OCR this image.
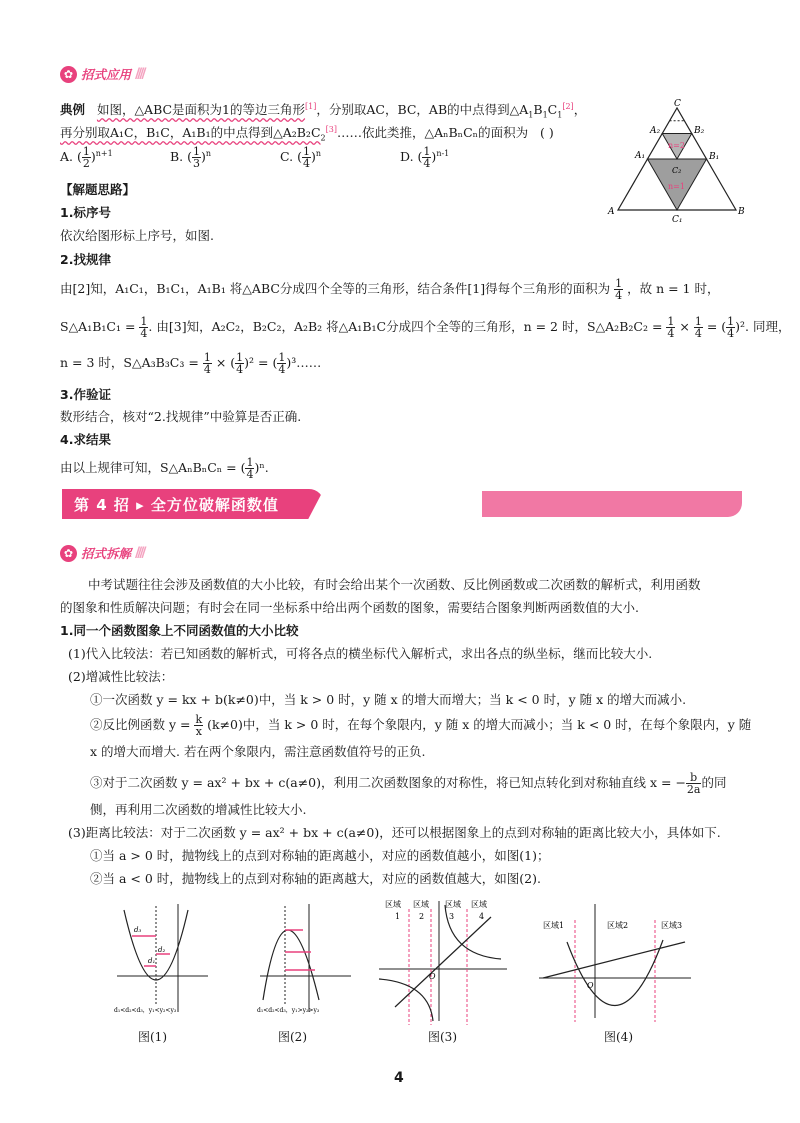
✿ 招式应用 ////
典例 如图，△ABC是面积为1的等边三角形[1]，分别取AC，BC，AB的中点得到$\triangle A_1B_1C_1[2]$，
再分别取A₁C，B₁C，A₁B₁的中点得到$\triangle A_2B_2C_2[3]\dots\dots$依此类推，△AₙBₙCₙ的面积为 ( )
A. ( $\frac{1}{2} )^{n+1}$	B. ( $\frac{1}{3} )^n$	C. ( $\frac{1}{4} )^n$	D. ( $\frac{1}{4} )^{n-1}$
C
A₂	B₂
A₁	B₁
A
C₁
B
C₂
n=2
n=1
【解题思路】
1.标序号
依次给图形标上序号，如图.
2.找规律
由[2]知，A₁C₁，B₁C₁，A₁B₁ 将△ABC分成四个全等的三角形，结合条件[1]得每个三角形的面积为 $\frac{1}{4}$ ，故 n = 1 时，
S△A₁B₁C₁ = $\frac{1}{4}$ . 由[3]知，A₂C₂，B₂C₂，A₂B₂ 将△A₁B₁C分成四个全等的三角形，n = 2 时，S△A₂B₂C₂ = $\frac{1}{4} \times \frac{1}{4}$ = ( $\frac{1}{4} )^2$. 同理，
n = 3 时，S△A₃B₃C₃ = $\frac{1}{4}$ × ( $\frac{1}{4} )^2$ = ( $\frac{1}{4}$ )³……
3.作验证
数形结合，核对“2.找规律”中验算是否正确.
4.求结果
由以上规律可知，S△AₙBₙCₙ = ( $\frac{1}{4} )^n$.
第 4 招 ▸ 全方位破解函数值
✿ 招式拆解 ////
中考试题往往会涉及函数值的大小比较，有时会给出某个一次函数、反比例函数或二次函数的解析式，利用函数
的图象和性质解决问题；有时会在同一坐标系中给出两个函数的图象，需要结合图象判断两函数值的大小.
1.同一个函数图象上不同函数值的大小比较
(1)代入比较法：若已知函数的解析式，可将各点的横坐标代入解析式，求出各点的纵坐标，继而比较大小.
(2)增减性比较法：
①一次函数 y = kx + b(k≠0)中，当 k > 0 时，y 随 x 的增大而增大；当 k < 0 时，y 随 x 的增大而减小.
②反比例函数 $y = \frac{k}{x} (k\ne 0)$中，当 k > 0 时，在每个象限内，y 随 x 的增大而减小；当 k < 0 时，在每个象限内，y 随
x 的增大而增大. 若在两个象限内，需注意函数值符号的正负.
③对于二次函数 y = ax² + bx + c(a≠0)，利用二次函数图象的对称性，将已知点转化到对称轴直线 x = − $\frac{b}{2a}$ 的同
侧，再利用二次函数的增减性比较大小.
(3)距离比较法：对于二次函数 y = ax² + bx + c(a≠0)，还可以根据图象上的点到对称轴的距离比较大小，具体如下.
①当 a > 0 时，抛物线上的点到对称轴的距离越小，对应的函数值越小，如图(1)；
②当 a < 0 时，抛物线上的点到对称轴的距离越大，对应的函数值越大，如图(2).
d₃
d₂
d₁
d₁<d₂<d₃，y₁<y₂<y₃
图(1)
d₁<d₂<d₃，y₁>y₂>y₃
图(2)
区域 区域 区域 区域
1 2	3	4
O
图(3)
区域1	区域2	区域3
O
图(4)
4
